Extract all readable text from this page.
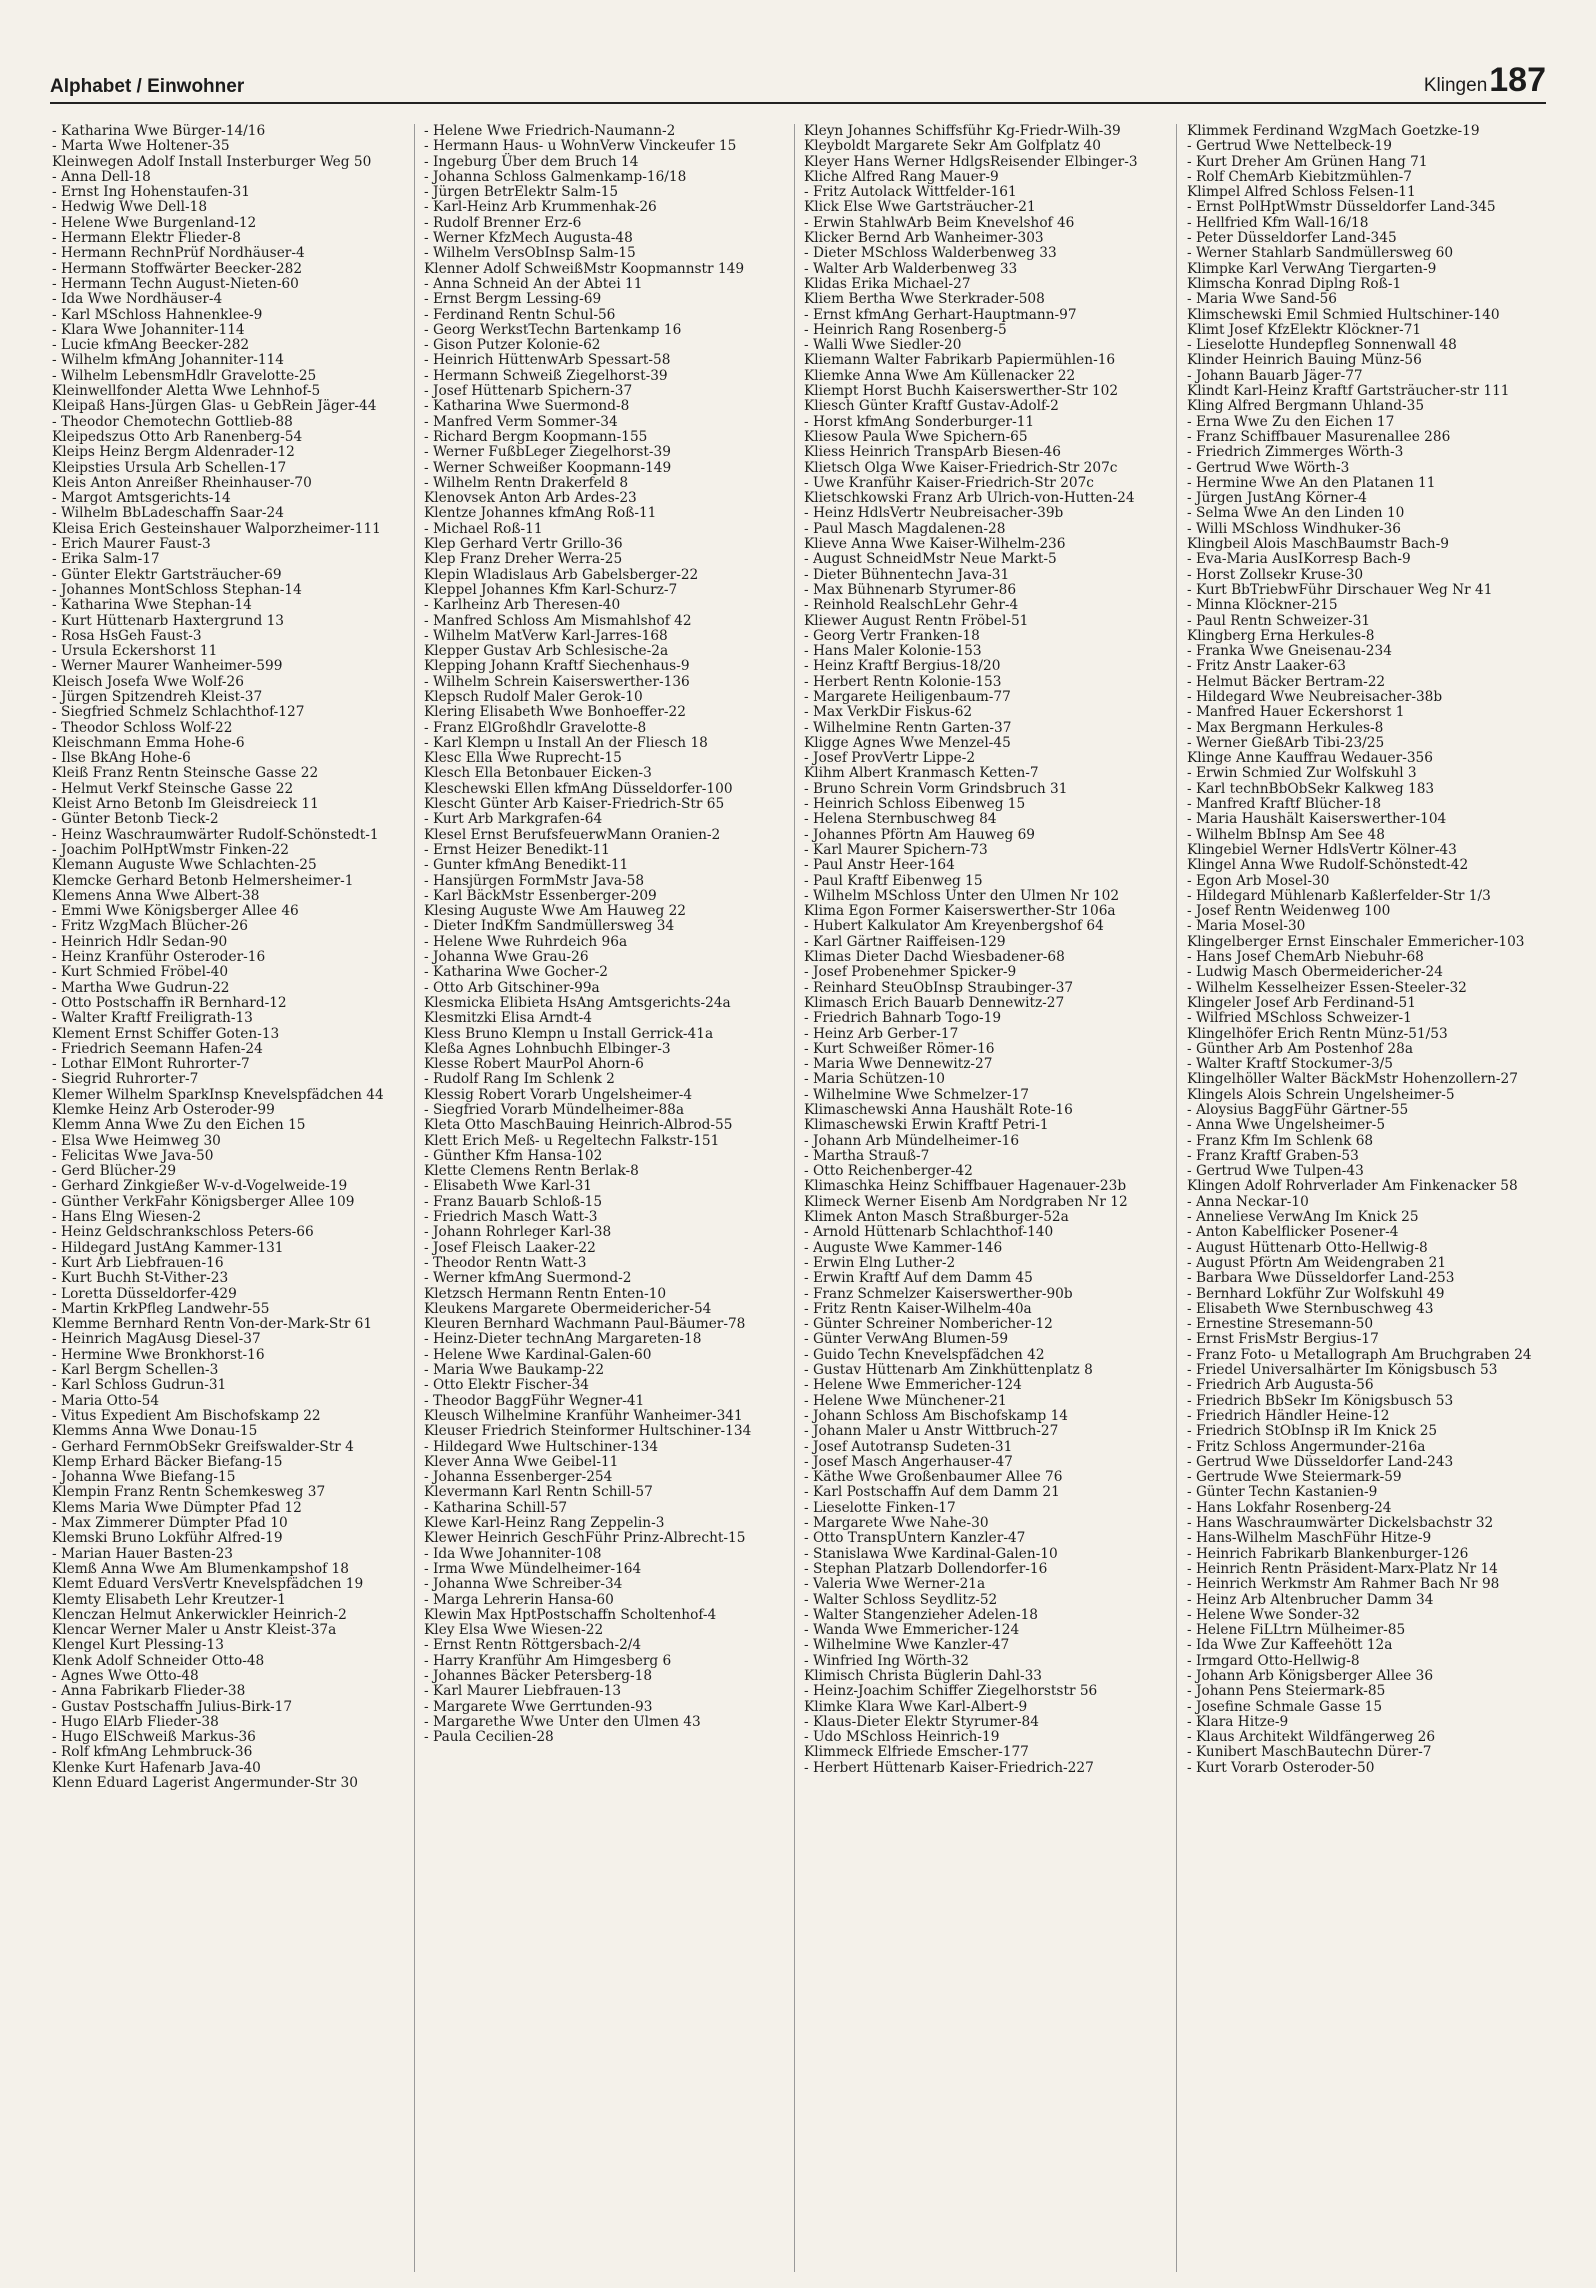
Alphabet / Einwohner	Klingen187
- Katharina Wwe Bürger-14/16
- Marta Wwe Holtener-35
Kleinwegen Adolf Install Insterburger Weg 50
- Anna Dell-18
- Ernst Ing Hohenstaufen-31
- Hedwig Wwe Dell-18
- Helene Wwe Burgenland-12
- Hermann Elektr Flieder-8
- Hermann RechnPrüf Nordhäuser-4
- Hermann Stoffwärter Beecker-282
- Hermann Techn August-Nieten-60
- Ida Wwe Nordhäuser-4
- Karl MSchloss Hahnenklee-9
- Klara Wwe Johanniter-114
- Lucie kfmAng Beecker-282
- Wilhelm kfmAng Johanniter-114
- Wilhelm LebensmHdlr Gravelotte-25
Kleinwellfonder Aletta Wwe Lehnhof-5
Kleipaß Hans-Jürgen Glas- u GebRein Jäger-44
- Theodor Chemotechn Gottlieb-88
Kleipedszus Otto Arb Ranenberg-54
Kleips Heinz Bergm Aldenrader-12
Kleipsties Ursula Arb Schellen-17
Kleis Anton Anreißer Rheinhauser-70
- Margot Amtsgerichts-14
- Wilhelm BbLadeschaffn Saar-24
Kleisa Erich Gesteinshauer Walporzheimer-111
- Erich Maurer Faust-3
- Erika Salm-17
- Günter Elektr Gartsträucher-69
- Johannes MontSchloss Stephan-14
- Katharina Wwe Stephan-14
- Kurt Hüttenarb Haxtergrund 13
- Rosa HsGeh Faust-3
- Ursula Eckershorst 11
- Werner Maurer Wanheimer-599
Kleisch Josefa Wwe Wolf-26
- Jürgen Spitzendreh Kleist-37
- Siegfried Schmelz Schlachthof-127
- Theodor Schloss Wolf-22
Kleischmann Emma Hohe-6
- Ilse BkAng Hohe-6
Kleiß Franz Rentn Steinsche Gasse 22
- Helmut Verkf Steinsche Gasse 22
Kleist Arno Betonb Im Gleisdreieck 11
- Günter Betonb Tieck-2
- Heinz Waschraumwärter Rudolf-Schönstedt-1
- Joachim PolHptWmstr Finken-22
Klemann Auguste Wwe Schlachten-25
Klemcke Gerhard Betonb Helmersheimer-1
Klemens Anna Wwe Albert-38
- Emmi Wwe Königsberger Allee 46
- Fritz WzgMach Blücher-26
- Heinrich Hdlr Sedan-90
- Heinz Kranführ Osteroder-16
- Kurt Schmied Fröbel-40
- Martha Wwe Gudrun-22
- Otto Postschaffn iR Bernhard-12
- Walter Kraftf Freiligrath-13
Klement Ernst Schiffer Goten-13
- Friedrich Seemann Hafen-24
- Lothar ElMont Ruhrorter-7
- Siegrid Ruhrorter-7
Klemer Wilhelm SparkInsp Knevelspfädchen 44
Klemke Heinz Arb Osteroder-99
Klemm Anna Wwe Zu den Eichen 15
- Elsa Wwe Heimweg 30
- Felicitas Wwe Java-50
- Gerd Blücher-29
- Gerhard Zinkgießer W-v-d-Vogelweide-19
- Günther VerkFahr Königsberger Allee 109
- Hans Elng Wiesen-2
- Heinz Geldschrankschloss Peters-66
- Hildegard JustAng Kammer-131
- Kurt Arb Liebfrauen-16
- Kurt Buchh St-Vither-23
- Loretta Düsseldorfer-429
- Martin KrkPfleg Landwehr-55
Klemme Bernhard Rentn Von-der-Mark-Str 61
- Heinrich MagAusg Diesel-37
- Hermine Wwe Bronkhorst-16
- Karl Bergm Schellen-3
- Karl Schloss Gudrun-31
- Maria Otto-54
- Vitus Expedient Am Bischofskamp 22
Klemms Anna Wwe Donau-15
- Gerhard FernmObSekr Greifswalder-Str 4
Klemp Erhard Bäcker Biefang-15
- Johanna Wwe Biefang-15
Klempin Franz Rentn Schemkesweg 37
Klems Maria Wwe Dümpter Pfad 12
- Max Zimmerer Dümpter Pfad 10
Klemski Bruno Lokführ Alfred-19
- Marian Hauer Basten-23
Klemß Anna Wwe Am Blumenkampshof 18
Klemt Eduard VersVertr Knevelspfädchen 19
Klemty Elisabeth Lehr Kreutzer-1
Klenczan Helmut Ankerwickler Heinrich-2
Klencar Werner Maler u Anstr Kleist-37a
Klengel Kurt Plessing-13
Klenk Adolf Schneider Otto-48
- Agnes Wwe Otto-48
- Anna Fabrikarb Flieder-38
- Gustav Postschaffn Julius-Birk-17
- Hugo ElArb Flieder-38
- Hugo ElSchweiß Markus-36
- Rolf kfmAng Lehmbruck-36
Klenke Kurt Hafenarb Java-40
Klenn Eduard Lagerist Angermunder-Str 30
- Helene Wwe Friedrich-Naumann-2
- Hermann Haus- u WohnVerw Vinckeufer 15
- Ingeburg Über dem Bruch 14
- Johanna Schloss Galmenkamp-16/18
- Jürgen BetrElektr Salm-15
- Karl-Heinz Arb Krummenhak-26
- Rudolf Brenner Erz-6
- Werner KfzMech Augusta-48
- Wilhelm VersObInsp Salm-15
Klenner Adolf SchweißMstr Koopmannstr 149
- Anna Schneid An der Abtei 11
- Ernst Bergm Lessing-69
- Ferdinand Rentn Schul-56
- Georg WerkstTechn Bartenkamp 16
- Gison Putzer Kolonie-62
- Heinrich HüttenwArb Spessart-58
- Hermann Schweiß Ziegelhorst-39
- Josef Hüttenarb Spichern-37
- Katharina Wwe Suermond-8
- Manfred Verm Sommer-34
- Richard Bergm Koopmann-155
- Werner FußbLeger Ziegelhorst-39
- Werner Schweißer Koopmann-149
- Wilhelm Rentn Drakerfeld 8
Klenovsek Anton Arb Ardes-23
Klentze Johannes kfmAng Roß-11
- Michael Roß-11
Klep Gerhard Vertr Grillo-36
Klep Franz Dreher Werra-25
Klepin Wladislaus Arb Gabelsberger-22
Kleppel Johannes Kfm Karl-Schurz-7
- Karlheinz Arb Theresen-40
- Manfred Schloss Am Mismahlshof 42
- Wilhelm MatVerw Karl-Jarres-168
Klepper Gustav Arb Schlesische-2a
Klepping Johann Kraftf Siechenhaus-9
- Wilhelm Schrein Kaiserswerther-136
Klepsch Rudolf Maler Gerok-10
Klering Elisabeth Wwe Bonhoeffer-22
- Franz ElGroßhdlr Gravelotte-8
- Karl Klempn u Install An der Fliesch 18
Klesc Ella Wwe Ruprecht-15
Klesch Ella Betonbauer Eicken-3
Kleschewski Ellen kfmAng Düsseldorfer-100
Klescht Günter Arb Kaiser-Friedrich-Str 65
- Kurt Arb Markgrafen-64
Klesel Ernst BerufsfeuerwMann Oranien-2
- Ernst Heizer Benedikt-11
- Gunter kfmAng Benedikt-11
- Hansjürgen FormMstr Java-58
- Karl BäckMstr Essenberger-209
Klesing Auguste Wwe Am Hauweg 22
- Dieter IndKfm Sandmüllersweg 34
- Helene Wwe Ruhrdeich 96a
- Johanna Wwe Grau-26
- Katharina Wwe Gocher-2
- Otto Arb Gitschiner-99a
Klesmicka Elibieta HsAng Amtsgerichts-24a
Klesmitzki Elisa Arndt-4
Kless Bruno Klempn u Install Gerrick-41a
Kleßa Agnes Lohnbuchh Elbinger-3
Klesse Robert MaurPol Ahorn-6
- Rudolf Rang Im Schlenk 2
Klessig Robert Vorarb Ungelsheimer-4
- Siegfried Vorarb Mündelheimer-88a
Kleta Otto MaschBauing Heinrich-Albrod-55
Klett Erich Meß- u Regeltechn Falkstr-151
- Günther Kfm Hansa-102
Klette Clemens Rentn Berlak-8
- Elisabeth Wwe Karl-31
- Franz Bauarb Schloß-15
- Friedrich Masch Watt-3
- Johann Rohrleger Karl-38
- Josef Fleisch Laaker-22
- Theodor Rentn Watt-3
- Werner kfmAng Suermond-2
Kletzsch Hermann Rentn Enten-10
Kleukens Margarete Obermeidericher-54
Kleuren Bernhard Wachmann Paul-Bäumer-78
- Heinz-Dieter technAng Margareten-18
- Helene Wwe Kardinal-Galen-60
- Maria Wwe Baukamp-22
- Otto Elektr Fischer-34
- Theodor BaggFühr Wegner-41
Kleusch Wilhelmine Kranführ Wanheimer-341
Kleuser Friedrich Steinformer Hultschiner-134
- Hildegard Wwe Hultschiner-134
Klever Anna Wwe Geibel-11
- Johanna Essenberger-254
Klevermann Karl Rentn Schill-57
- Katharina Schill-57
Klewe Karl-Heinz Rang Zeppelin-3
Klewer Heinrich GeschFühr Prinz-Albrecht-15
- Ida Wwe Johanniter-108
- Irma Wwe Mündelheimer-164
- Johanna Wwe Schreiber-34
- Marga Lehrerin Hansa-60
Klewin Max HptPostschaffn Scholtenhof-4
Kley Elsa Wwe Wiesen-22
- Ernst Rentn Röttgersbach-2/4
- Harry Kranführ Am Himgesberg 6
- Johannes Bäcker Petersberg-18
- Karl Maurer Liebfrauen-13
- Margarete Wwe Gerrtunden-93
- Margarethe Wwe Unter den Ulmen 43
- Paula Cecilien-28
Kleyn Johannes Schiffsführ Kg-Friedr-Wilh-39
Kleyboldt Margarete Sekr Am Golfplatz 40
Kleyer Hans Werner HdlgsReisender Elbinger-3
Kliche Alfred Rang Mauer-9
- Fritz Autolack Wittfelder-161
Klick Else Wwe Gartsträucher-21
- Erwin StahlwArb Beim Knevelshof 46
Klicker Bernd Arb Wanheimer-303
- Dieter MSchloss Walderbenweg 33
- Walter Arb Walderbenweg 33
Klidas Erika Michael-27
Kliem Bertha Wwe Sterkrader-508
- Ernst kfmAng Gerhart-Hauptmann-97
- Heinrich Rang Rosenberg-5
- Walli Wwe Siedler-20
Kliemann Walter Fabrikarb Papiermühlen-16
Kliemke Anna Wwe Am Küllenacker 22
Kliempt Horst Buchh Kaiserswerther-Str 102
Kliesch Günter Kraftf Gustav-Adolf-2
- Horst kfmAng Sonderburger-11
Kliesow Paula Wwe Spichern-65
Kliess Heinrich TranspArb Biesen-46
Klietsch Olga Wwe Kaiser-Friedrich-Str 207c
- Uwe Kranführ Kaiser-Friedrich-Str 207c
Klietschkowski Franz Arb Ulrich-von-Hutten-24
- Heinz HdlsVertr Neubreisacher-39b
- Paul Masch Magdalenen-28
Klieve Anna Wwe Kaiser-Wilhelm-236
- August SchneidMstr Neue Markt-5
- Dieter Bühnentechn Java-31
- Max Bühnenarb Styrumer-86
- Reinhold RealschLehr Gehr-4
Kliewer August Rentn Fröbel-51
- Georg Vertr Franken-18
- Hans Maler Kolonie-153
- Heinz Kraftf Bergius-18/20
- Herbert Rentn Kolonie-153
- Margarete Heiligenbaum-77
- Max VerkDir Fiskus-62
- Wilhelmine Rentn Garten-37
Kligge Agnes Wwe Menzel-45
- Josef ProvVertr Lippe-2
Klihm Albert Kranmasch Ketten-7
- Bruno Schrein Vorm Grindsbruch 31
- Heinrich Schloss Eibenweg 15
- Helena Sternbuschweg 84
- Johannes Pförtn Am Hauweg 69
- Karl Maurer Spichern-73
- Paul Anstr Heer-164
- Paul Kraftf Eibenweg 15
- Wilhelm MSchloss Unter den Ulmen Nr 102
Klima Egon Former Kaiserswerther-Str 106a
- Hubert Kalkulator Am Kreyenbergshof 64
- Karl Gärtner Raiffeisen-129
Klimas Dieter Dachd Wiesbadener-68
- Josef Probenehmer Spicker-9
- Reinhard SteuObInsp Straubinger-37
Klimasch Erich Bauarb Dennewitz-27
- Friedrich Bahnarb Togo-19
- Heinz Arb Gerber-17
- Kurt Schweißer Römer-16
- Maria Wwe Dennewitz-27
- Maria Schützen-10
- Wilhelmine Wwe Schmelzer-17
Klimaschewski Anna Haushält Rote-16
Klimaschewski Erwin Kraftf Petri-1
- Johann Arb Mündelheimer-16
- Martha Strauß-7
- Otto Reichenberger-42
Klimaschka Heinz Schiffbauer Hagenauer-23b
Klimeck Werner Eisenb Am Nordgraben Nr 12
Klimek Anton Masch Straßburger-52a
- Arnold Hüttenarb Schlachthof-140
- Auguste Wwe Kammer-146
- Erwin Elng Luther-2
- Erwin Kraftf Auf dem Damm 45
- Franz Schmelzer Kaiserswerther-90b
- Fritz Rentn Kaiser-Wilhelm-40a
- Günter Schreiner Nombericher-12
- Günter VerwAng Blumen-59
- Guido Techn Knevelspfädchen 42
- Gustav Hüttenarb Am Zinkhüttenplatz 8
- Helene Wwe Emmericher-124
- Helene Wwe Münchener-21
- Johann Schloss Am Bischofskamp 14
- Johann Maler u Anstr Wittbruch-27
- Josef Autotransp Sudeten-31
- Josef Masch Angerhauser-47
- Käthe Wwe Großenbaumer Allee 76
- Karl Postschaffn Auf dem Damm 21
- Lieselotte Finken-17
- Margarete Wwe Nahe-30
- Otto TranspUntern Kanzler-47
- Stanislawa Wwe Kardinal-Galen-10
- Stephan Platzarb Dollendorfer-16
- Valeria Wwe Werner-21a
- Walter Schloss Seydlitz-52
- Walter Stangenzieher Adelen-18
- Wanda Wwe Emmericher-124
- Wilhelmine Wwe Kanzler-47
- Winfried Ing Wörth-32
Klimisch Christa Büglerin Dahl-33
- Heinz-Joachim Schiffer Ziegelhorststr 56
Klimke Klara Wwe Karl-Albert-9
- Klaus-Dieter Elektr Styrumer-84
- Udo MSchloss Heinrich-19
Klimmeck Elfriede Emscher-177
- Herbert Hüttenarb Kaiser-Friedrich-227
Klimmek Ferdinand WzgMach Goetzke-19
- Gertrud Wwe Nettelbeck-19
- Kurt Dreher Am Grünen Hang 71
- Rolf ChemArb Kiebitzmühlen-7
Klimpel Alfred Schloss Felsen-11
- Ernst PolHptWmstr Düsseldorfer Land-345
- Hellfried Kfm Wall-16/18
- Peter Düsseldorfer Land-345
- Werner Stahlarb Sandmüllersweg 60
Klimpke Karl VerwAng Tiergarten-9
Klimscha Konrad Diplng Roß-1
- Maria Wwe Sand-56
Klimschewski Emil Schmied Hultschiner-140
Klimt Josef KfzElektr Klöckner-71
- Lieselotte Hundepfleg Sonnenwall 48
Klinder Heinrich Bauing Münz-56
- Johann Bauarb Jäger-77
Klindt Karl-Heinz Kraftf Gartsträucher-str 111
Kling Alfred Bergmann Uhland-35
- Erna Wwe Zu den Eichen 17
- Franz Schiffbauer Masurenallee 286
- Friedrich Zimmerges Wörth-3
- Gertrud Wwe Wörth-3
- Hermine Wwe An den Platanen 11
- Jürgen JustAng Körner-4
- Selma Wwe An den Linden 10
- Willi MSchloss Windhuker-36
Klingbeil Alois MaschBaumstr Bach-9
- Eva-Maria AusIKorresp Bach-9
- Horst Zollsekr Kruse-30
- Kurt BbTriebwFühr Dirschauer Weg Nr 41
- Minna Klöckner-215
- Paul Rentn Schweizer-31
Klingberg Erna Herkules-8
- Franka Wwe Gneisenau-234
- Fritz Anstr Laaker-63
- Helmut Bäcker Bertram-22
- Hildegard Wwe Neubreisacher-38b
- Manfred Hauer Eckershorst 1
- Max Bergmann Herkules-8
- Werner GießArb Tibi-23/25
Klinge Anne Kauffrau Wedauer-356
- Erwin Schmied Zur Wolfskuhl 3
- Karl technBbObSekr Kalkweg 183
- Manfred Kraftf Blücher-18
- Maria Haushält Kaiserswerther-104
- Wilhelm BbInsp Am See 48
Klingebiel Werner HdlsVertr Kölner-43
Klingel Anna Wwe Rudolf-Schönstedt-42
- Egon Arb Mosel-30
- Hildegard Mühlenarb Kaßlerfelder-Str 1/3
- Josef Rentn Weidenweg 100
- Maria Mosel-30
Klingelberger Ernst Einschaler Emmericher-103
- Hans Josef ChemArb Niebuhr-68
- Ludwig Masch Obermeidericher-24
- Wilhelm Kesselheizer Essen-Steeler-32
Klingeler Josef Arb Ferdinand-51
- Wilfried MSchloss Schweizer-1
Klingelhöfer Erich Rentn Münz-51/53
- Günther Arb Am Postenhof 28a
- Walter Kraftf Stockumer-3/5
Klingelhöller Walter BäckMstr Hohenzollern-27
Klingels Alois Schrein Ungelsheimer-5
- Aloysius BaggFühr Gärtner-55
- Anna Wwe Ungelsheimer-5
- Franz Kfm Im Schlenk 68
- Franz Kraftf Graben-53
- Gertrud Wwe Tulpen-43
Klingen Adolf Rohrverlader Am Finkenacker 58
- Anna Neckar-10
- Anneliese VerwAng Im Knick 25
- Anton Kabelflicker Posener-4
- August Hüttenarb Otto-Hellwig-8
- August Pförtn Am Weidengraben 21
- Barbara Wwe Düsseldorfer Land-253
- Bernhard Lokführ Zur Wolfskuhl 49
- Elisabeth Wwe Sternbuschweg 43
- Ernestine Stresemann-50
- Ernst FrisMstr Bergius-17
- Franz Foto- u Metallograph Am Bruchgraben 24
- Friedel Universalhärter Im Königsbusch 53
- Friedrich Arb Augusta-56
- Friedrich BbSekr Im Königsbusch 53
- Friedrich Händler Heine-12
- Friedrich StObInsp iR Im Knick 25
- Fritz Schloss Angermunder-216a
- Gertrud Wwe Düsseldorfer Land-243
- Gertrude Wwe Steiermark-59
- Günter Techn Kastanien-9
- Hans Lokfahr Rosenberg-24
- Hans Waschraumwärter Dickelsbachstr 32
- Hans-Wilhelm MaschFühr Hitze-9
- Heinrich Fabrikarb Blankenburger-126
- Heinrich Rentn Präsident-Marx-Platz Nr 14
- Heinrich Werkmstr Am Rahmer Bach Nr 98
- Heinz Arb Altenbrucher Damm 34
- Helene Wwe Sonder-32
- Helene FiLLtrn Mülheimer-85
- Ida Wwe Zur Kaffeehött 12a
- Irmgard Otto-Hellwig-8
- Johann Arb Königsberger Allee 36
- Johann Pens Steiermark-85
- Josefine Schmale Gasse 15
- Klara Hitze-9
- Klaus Architekt Wildfängerweg 26
- Kunibert MaschBautechn Dürer-7
- Kurt Vorarb Osteroder-50
